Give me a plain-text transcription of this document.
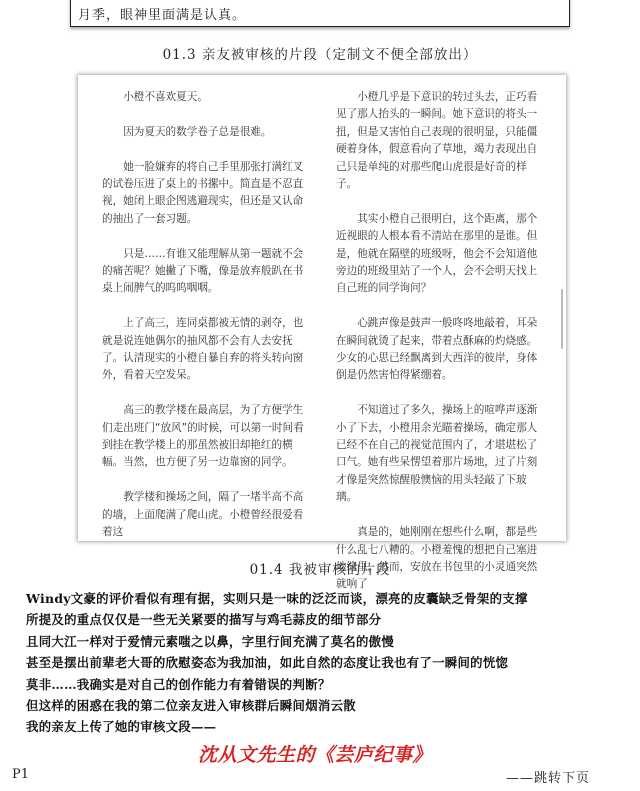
月季，眼神里面满是认真。
01.3 亲友被审核的片段（定制文不便全部放出）

小橙不喜欢夏天。

因为夏天的数学卷子总是很难。

她一脸嫌弃的将自己手里那张打满红叉的试卷压进了桌上的书摞中。简直是不忍直视，她闭上眼企图逃避现实，但还是又认命的抽出了一套习题。

只是……有谁又能理解从第一题就不会的痛苦呢？她撇了下嘴，像是放弃般趴在书桌上闹脾气的呜呜咽咽。

上了高三，连同桌都被无情的剥夺，也就是说连她偶尔的抽风都不会有人去安抚了。认清现实的小橙自暴自弃的将头转向窗外，看着天空发呆。

高三的教学楼在最高层，为了方便学生们走出班门“放风”的时候，可以第一时间看到挂在教学楼上的那虽然被旧却艳红的横幅。当然，也方便了另一边靠窗的同学。

教学楼和操场之间，隔了一堵半高不高的墙，上面爬满了爬山虎。小橙曾经很爱看着这

小橙几乎是下意识的转过头去，正巧看见了那人抬头的一瞬间。她下意识的将头一扭，但是又害怕自己表现的很明显，只能僵硬着身体，假意看向了草地，竭力表现出自己只是单纯的对那些爬山虎很是好奇的样子。

其实小橙自己很明白，这个距离，那个近视眼的人根本看不清站在那里的是谁。但是，他就在隔壁的班级呀，他会不会知道他旁边的班级里站了一个人，会不会明天找上自己班的同学询问？

心跳声像是鼓声一般咚咚地敲着，耳朵在瞬间就烫了起来，带着点酥麻的灼烧感。少女的心思已经飘离到大西洋的彼岸，身体倒是仍然害怕得紧绷着。

不知道过了多久，操场上的喧哗声逐渐小了下去，小橙用余光瞄着操场，确定那人已经不在自己的视觉范围内了，才堪堪松了口气。她有些呆愣望着那片场地，过了片刻才像是突然惊醒般懊恼的用头轻敲了下玻璃。

真是的，她刚刚在想些什么啊，都是些什么乱七八糟的。小橙羞愧的想把自己塞进地缝里。然而，安放在书包里的小灵通突然就响了

01.4 我被审核的片段
Windy文豪的评价看似有理有据，实则只是一味的泛泛而谈，漂亮的皮囊缺乏骨架的支撑
所提及的重点仅仅是一些无关紧要的描写与鸡毛蒜皮的细节部分
且同大江一样对于爱情元素嗤之以鼻，字里行间充满了莫名的傲慢
甚至是摆出前辈老大哥的欣慰姿态为我加油，如此自然的态度让我也有了一瞬间的恍惚
莫非……我确实是对自己的创作能力有着错误的判断？
但这样的困惑在我的第二位亲友进入审核群后瞬间烟消云散
我的亲友上传了她的审核文段——
沈从文先生的《芸庐纪事》
P1	——跳转下页
